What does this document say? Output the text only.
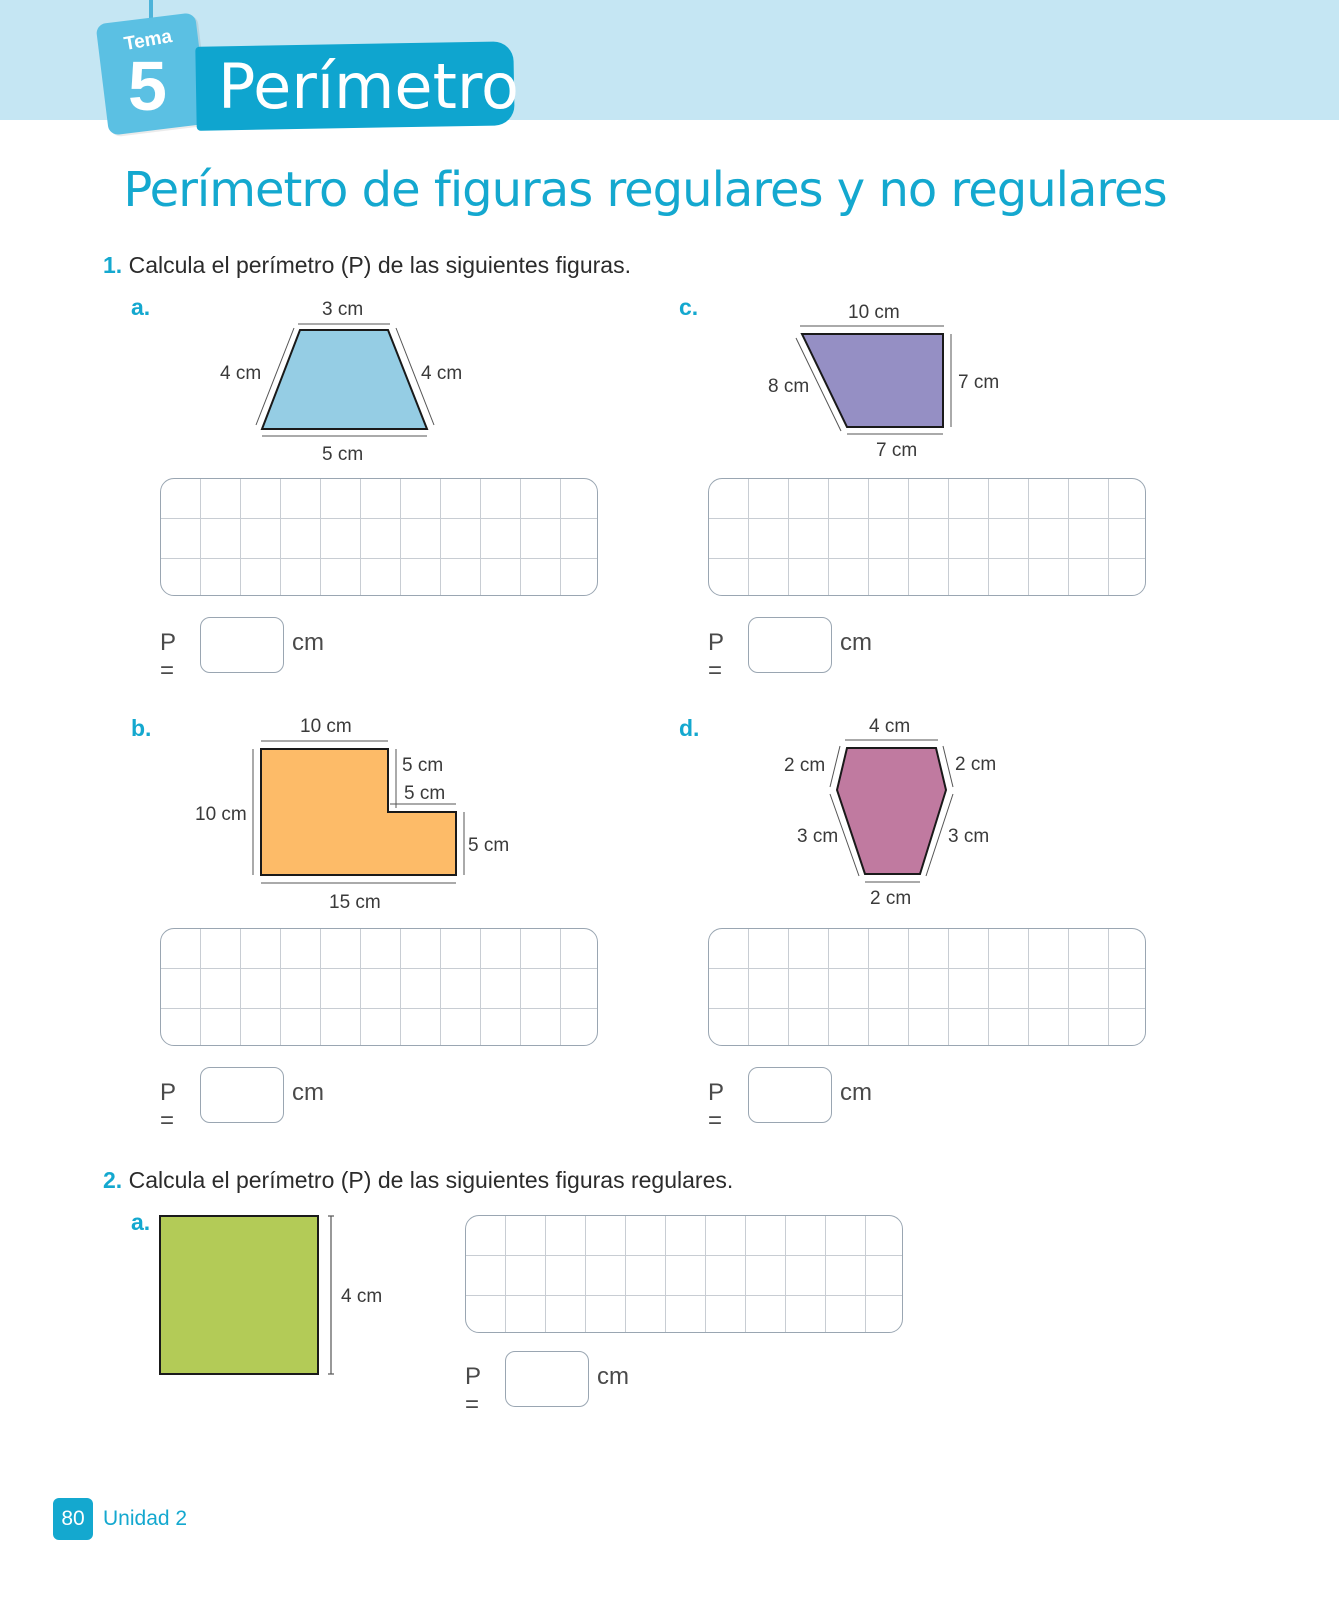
Tema
5 Perímetro
Perímetro de figuras regulares y no regulares
1. Calcula el perímetro (P) de las siguientes figuras.
a.	3 cm
4 cm	4 cm
5 cm
P =
cm
c.	10 cm
8 cm	7 cm
7 cm
P =
cm
b.	10 cm
10 cm
5 cm
5 cm
5 cm
15 cm
P =
cm
d.	4 cm
2 cm	2 cm
3 cm	3 cm
2 cm
P =
cm
2. Calcula el perímetro (P) de las siguientes figuras regulares.
a.
4 cm
P =
cm
80 Unidad 2
